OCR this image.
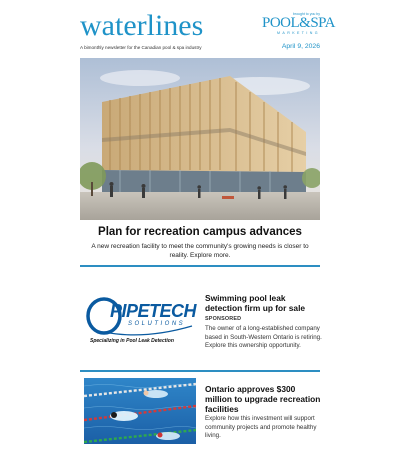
waterlines
A bimonthly newsletter for the Canadian pool & spa industry
brought to you by
POOL&SPA
MARKETING
April 9, 2026
Plan for recreation campus advances
A new recreation facility to meet the community's growing needs is closer to reality. Explore more.
PIPETECH
SOLUTIONS
Specializing in Pool Leak Detection
Swimming pool leak detection firm up for sale
SPONSORED
The owner of a long-established company based in South-Western Ontario is retiring. Explore this ownership opportunity.
Ontario approves $300 million to upgrade recreation facilities
Explore how this investment will support community projects and promote healthy living.
